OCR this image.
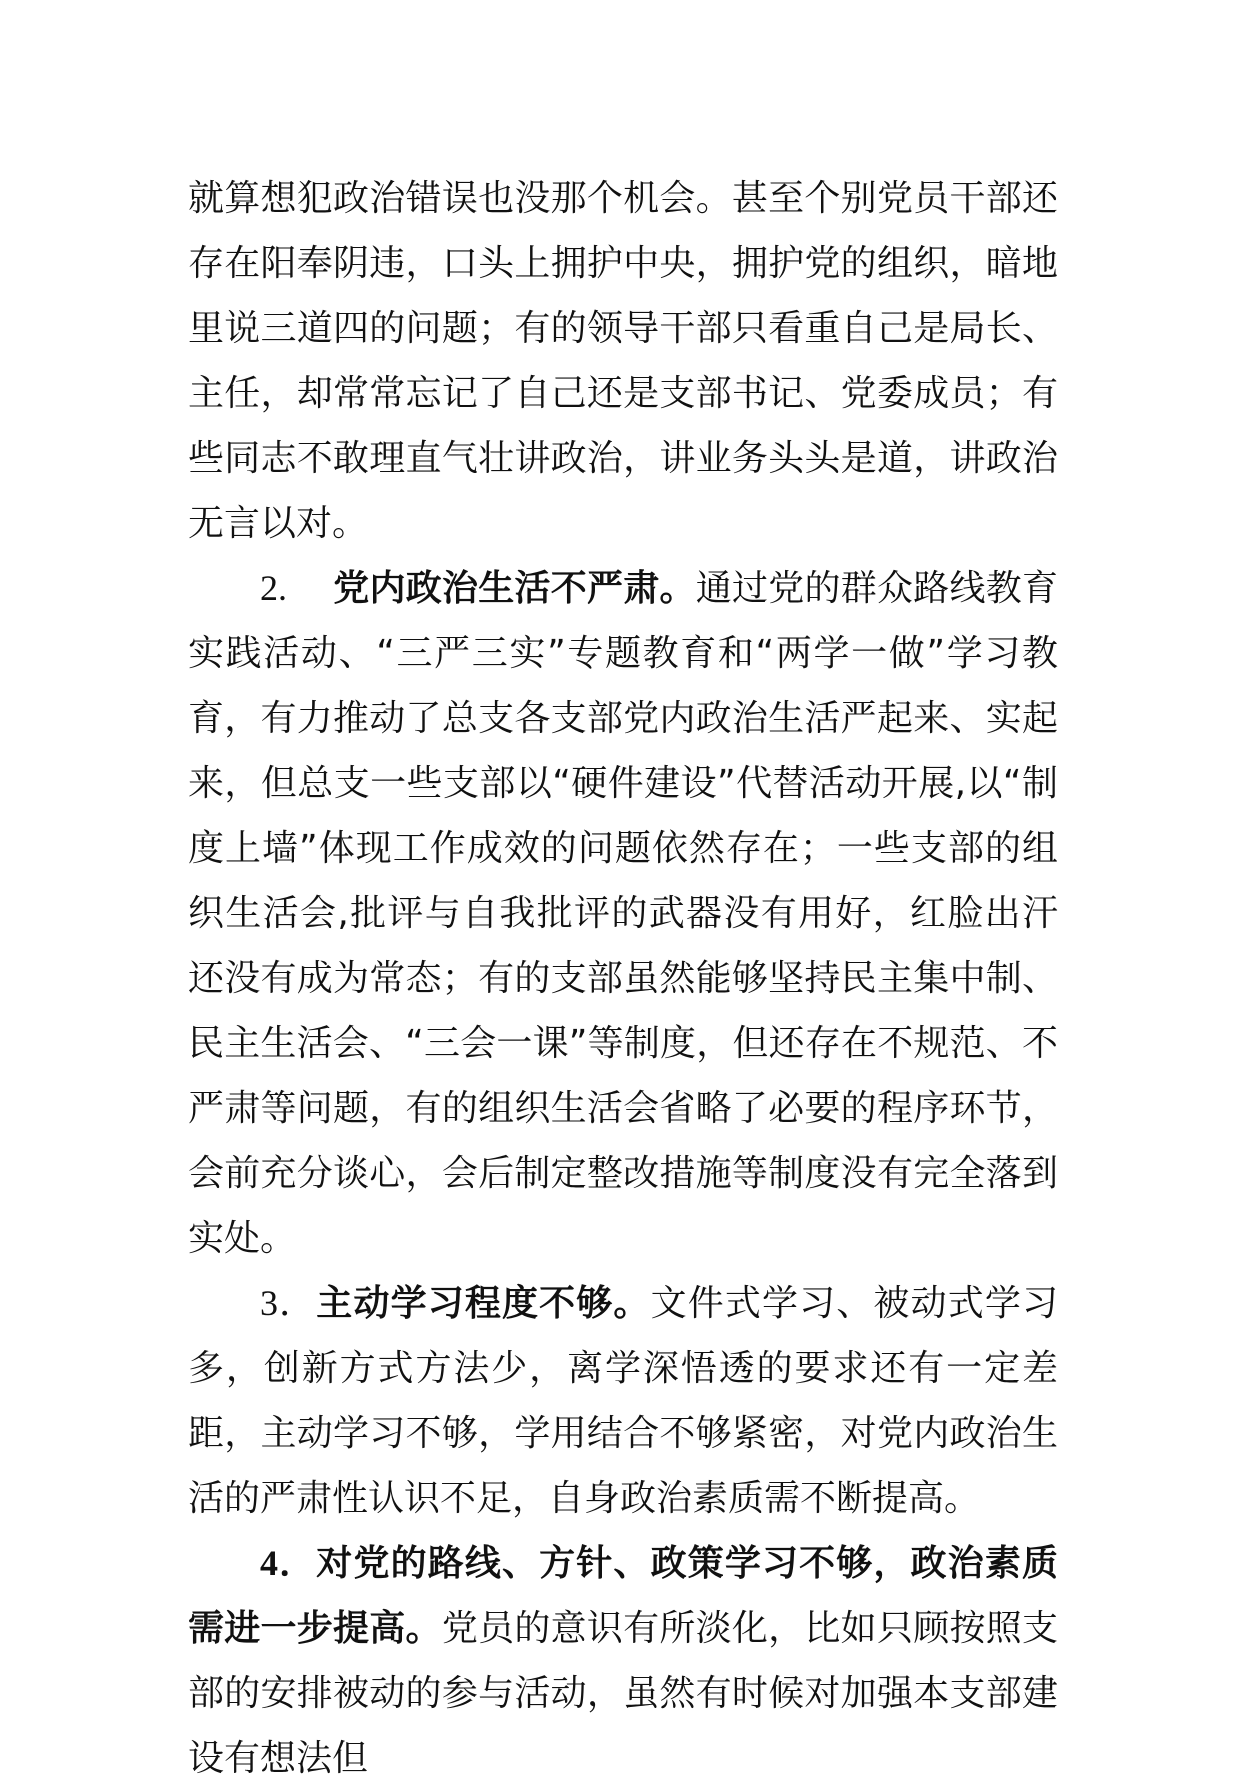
就算想犯政治错误也没那个机会。甚至个别党员干部还存在阳奉阴违，口头上拥护中央，拥护党的组织，暗地里说三道四的问题；有的领导干部只看重自己是局长、主任，却常常忘记了自己还是支部书记、党委成员；有些同志不敢理直气壮讲政治，讲业务头头是道，讲政治无言以对。

2. 党内政治生活不严肃。通过党的群众路线教育实践活动、“三严三实”专题教育和“两学一做”学习教育，有力推动了总支各支部党内政治生活严起来、实起来，但总支一些支部以“硬件建设”代替活动开展,以“制度上墙”体现工作成效的问题依然存在；一些支部的组织生活会,批评与自我批评的武器没有用好，红脸出汗还没有成为常态；有的支部虽然能够坚持民主集中制、民主生活会、“三会一课”等制度，但还存在不规范、不严肃等问题，有的组织生活会省略了必要的程序环节，会前充分谈心，会后制定整改措施等制度没有完全落到实处。

3．主动学习程度不够。文件式学习、被动式学习多，创新方式方法少，离学深悟透的要求还有一定差距，主动学习不够，学用结合不够紧密，对党内政治生活的严肃性认识不足，自身政治素质需不断提高。

4．对党的路线、方针、政策学习不够，政治素质需进一步提高。党员的意识有所淡化，比如只顾按照支部的安排被动的参与活动，虽然有时候对加强本支部建设有想法但
